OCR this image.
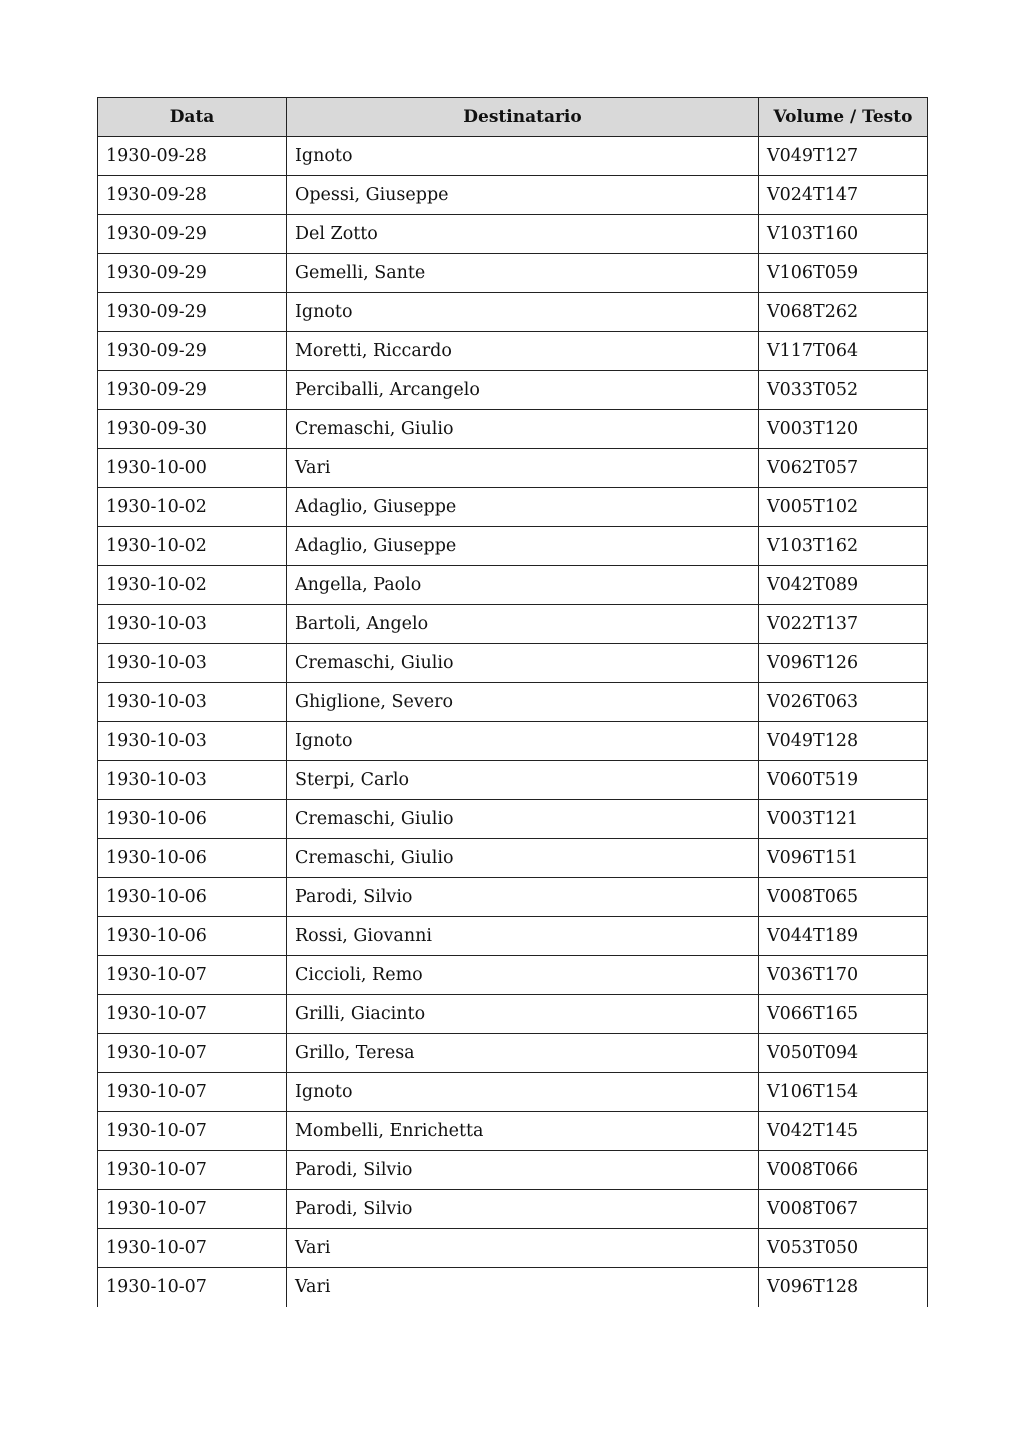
Data	Destinatario	Volume / Testo
1930-09-28	Ignoto	V049T127
1930-09-28	Opessi, Giuseppe	V024T147
1930-09-29	Del Zotto	V103T160
1930-09-29	Gemelli, Sante	V106T059
1930-09-29	Ignoto	V068T262
1930-09-29	Moretti, Riccardo	V117T064
1930-09-29	Perciballi, Arcangelo	V033T052
1930-09-30	Cremaschi, Giulio	V003T120
1930-10-00	Vari	V062T057
1930-10-02	Adaglio, Giuseppe	V005T102
1930-10-02	Adaglio, Giuseppe	V103T162
1930-10-02	Angella, Paolo	V042T089
1930-10-03	Bartoli, Angelo	V022T137
1930-10-03	Cremaschi, Giulio	V096T126
1930-10-03	Ghiglione, Severo	V026T063
1930-10-03	Ignoto	V049T128
1930-10-03	Sterpi, Carlo	V060T519
1930-10-06	Cremaschi, Giulio	V003T121
1930-10-06	Cremaschi, Giulio	V096T151
1930-10-06	Parodi, Silvio	V008T065
1930-10-06	Rossi, Giovanni	V044T189
1930-10-07	Ciccioli, Remo	V036T170
1930-10-07	Grilli, Giacinto	V066T165
1930-10-07	Grillo, Teresa	V050T094
1930-10-07	Ignoto	V106T154
1930-10-07	Mombelli, Enrichetta	V042T145
1930-10-07	Parodi, Silvio	V008T066
1930-10-07	Parodi, Silvio	V008T067
1930-10-07	Vari	V053T050
1930-10-07	Vari	V096T128
